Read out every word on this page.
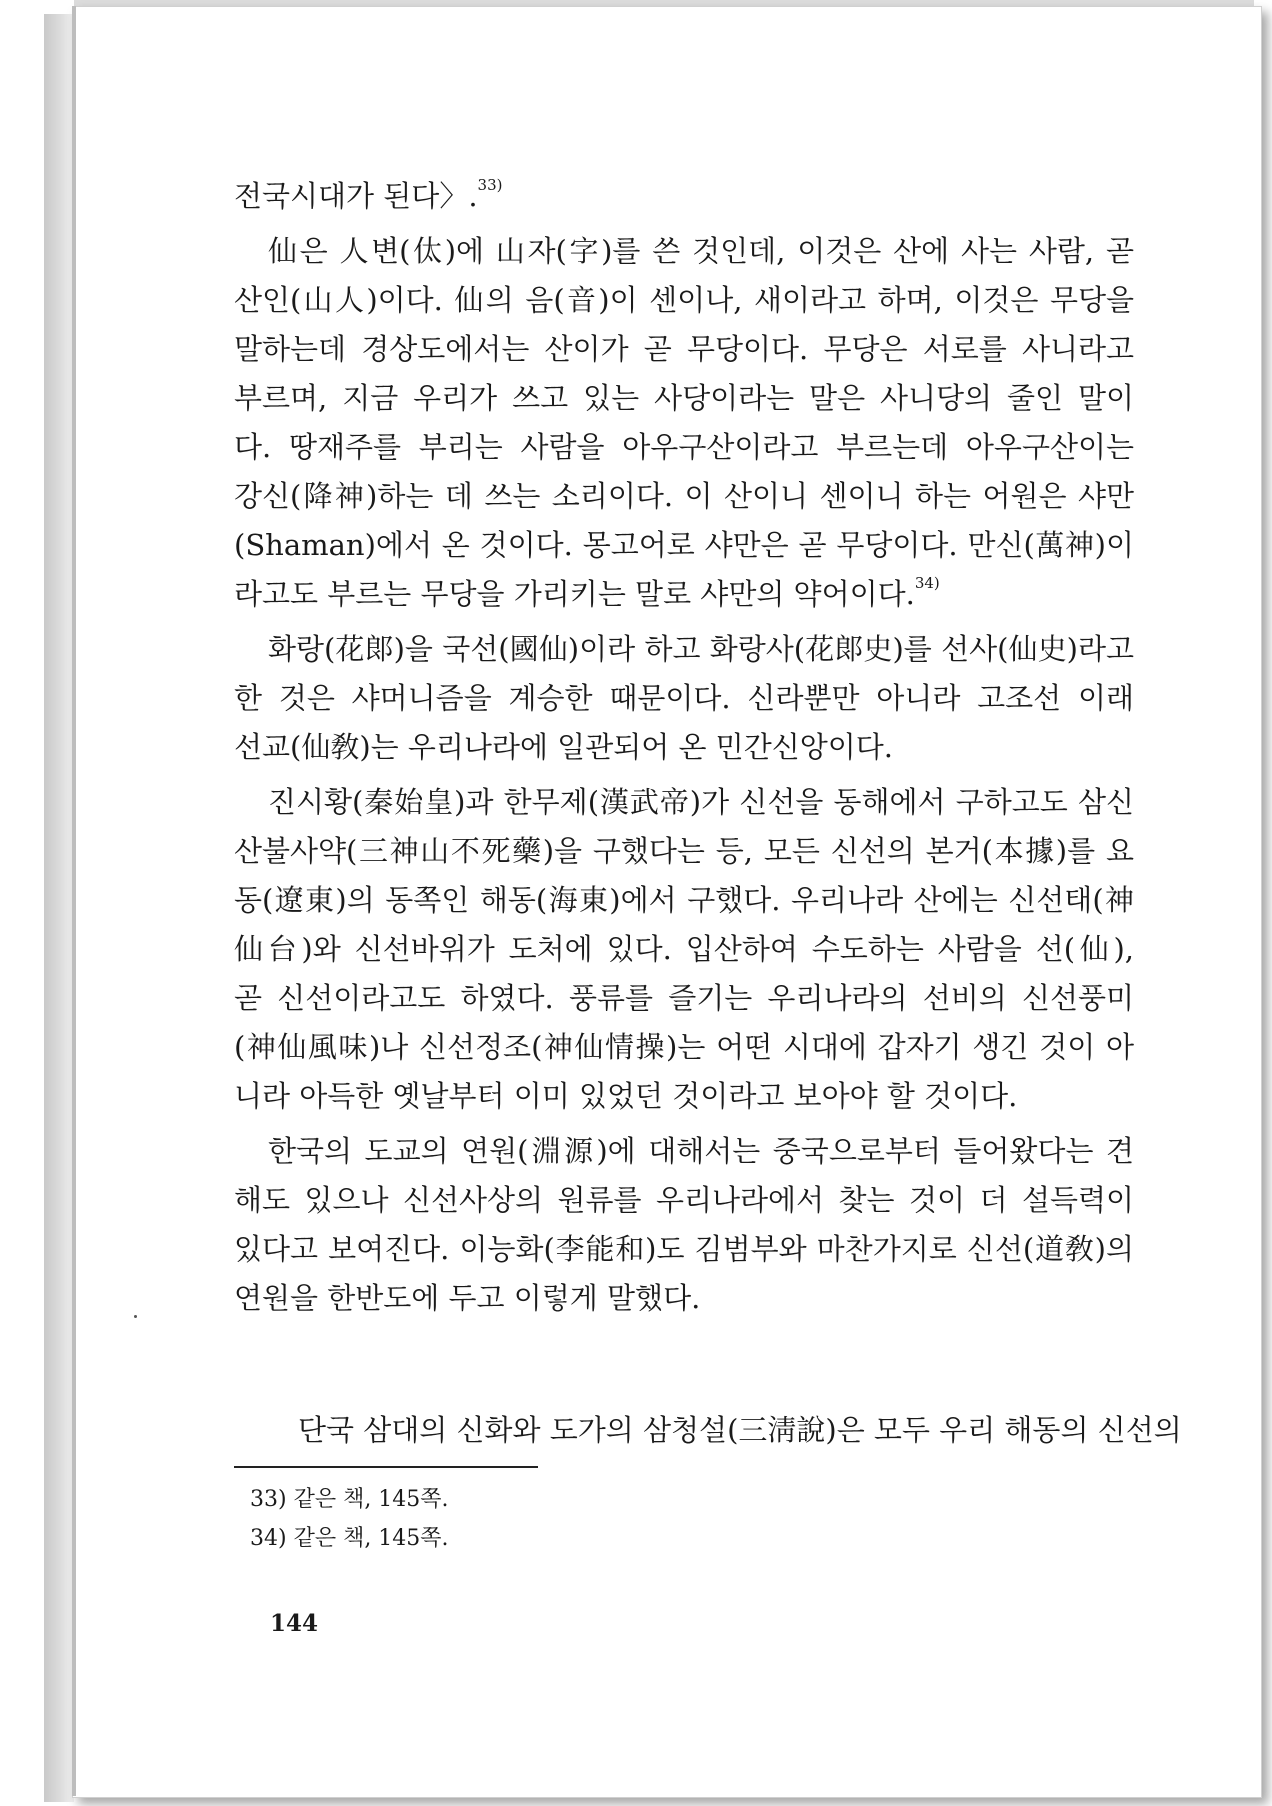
전국시대가 된다〉.$^{33)}$
仙은 人변(㑀)에 山자(字)를 쓴 것인데, 이것은 산에 사는 사람, 곧
산인(山人)이다. 仙의 음(音)이 센이나, 새이라고 하며, 이것은 무당을
말하는데 경상도에서는 산이가 곧 무당이다. 무당은 서로를 사니라고
부르며, 지금 우리가 쓰고 있는 사당이라는 말은 사니당의 줄인 말이
다. 땅재주를 부리는 사람을 아우구산이라고 부르는데 아우구산이는
강신(降神)하는 데 쓰는 소리이다. 이 산이니 센이니 하는 어원은 샤만
(Shaman)에서 온 것이다. 몽고어로 샤만은 곧 무당이다. 만신(萬神)이
라고도 부르는 무당을 가리키는 말로 샤만의 약어이다.$^{34)}$
화랑(花郞)을 국선(國仙)이라 하고 화랑사(花郞史)를 선사(仙史)라고
한 것은 샤머니즘을 계승한 때문이다. 신라뿐만 아니라 고조선 이래
선교(仙敎)는 우리나라에 일관되어 온 민간신앙이다.
진시황(秦始皇)과 한무제(漢武帝)가 신선을 동해에서 구하고도 삼신
산불사약(三神山不死藥)을 구했다는 등, 모든 신선의 본거(本據)를 요
동(遼東)의 동쪽인 해동(海東)에서 구했다. 우리나라 산에는 신선태(神
仙台)와 신선바위가 도처에 있다. 입산하여 수도하는 사람을 선(仙),
곧 신선이라고도 하였다. 풍류를 즐기는 우리나라의 선비의 신선풍미
(神仙風味)나 신선정조(神仙情操)는 어떤 시대에 갑자기 생긴 것이 아
니라 아득한 옛날부터 이미 있었던 것이라고 보아야 할 것이다.
한국의 도교의 연원(淵源)에 대해서는 중국으로부터 들어왔다는 견
해도 있으나 신선사상의 원류를 우리나라에서 찾는 것이 더 설득력이
있다고 보여진다. 이능화(李能和)도 김범부와 마찬가지로 신선(道敎)의
연원을 한반도에 두고 이렇게 말했다.
단국 삼대의 신화와 도가의 삼청설(三淸說)은 모두 우리 해동의 신선의
33) 같은 책, 145쪽.
34) 같은 책, 145쪽.
144
